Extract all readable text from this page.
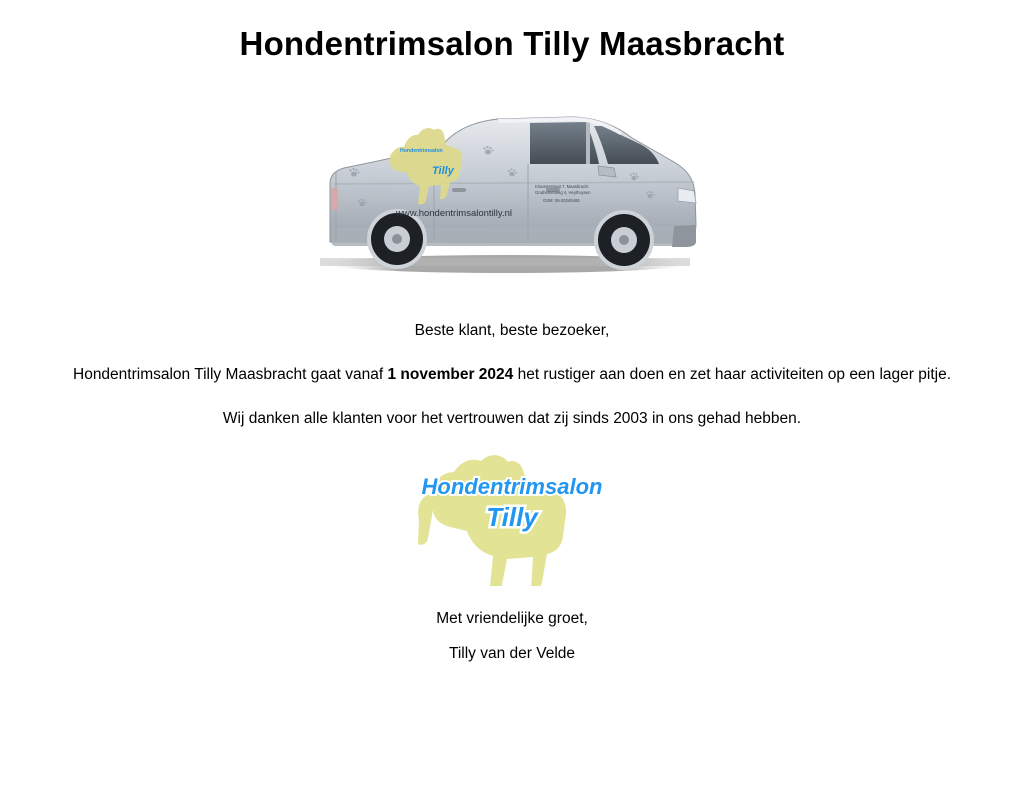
Hondentrimsalon Tilly Maasbracht
Hondentrimsalon
Tilly
Kloosterstraat 7, Maasbracht
Grathemerweg 4, Heythuysen
GSM: 06-30245465
www.hondentrimsalontilly.nl

Beste klant, beste bezoeker,

Hondentrimsalon Tilly Maasbracht gaat vanaf 1 november 2024 het rustiger aan doen en zet haar activiteiten op een lager pitje.

Wij danken alle klanten voor het vertrouwen dat zij sinds 2003 in ons gehad hebben.

Hondentrimsalon
Tilly

Met vriendelijke groet,

Tilly van der Velde
